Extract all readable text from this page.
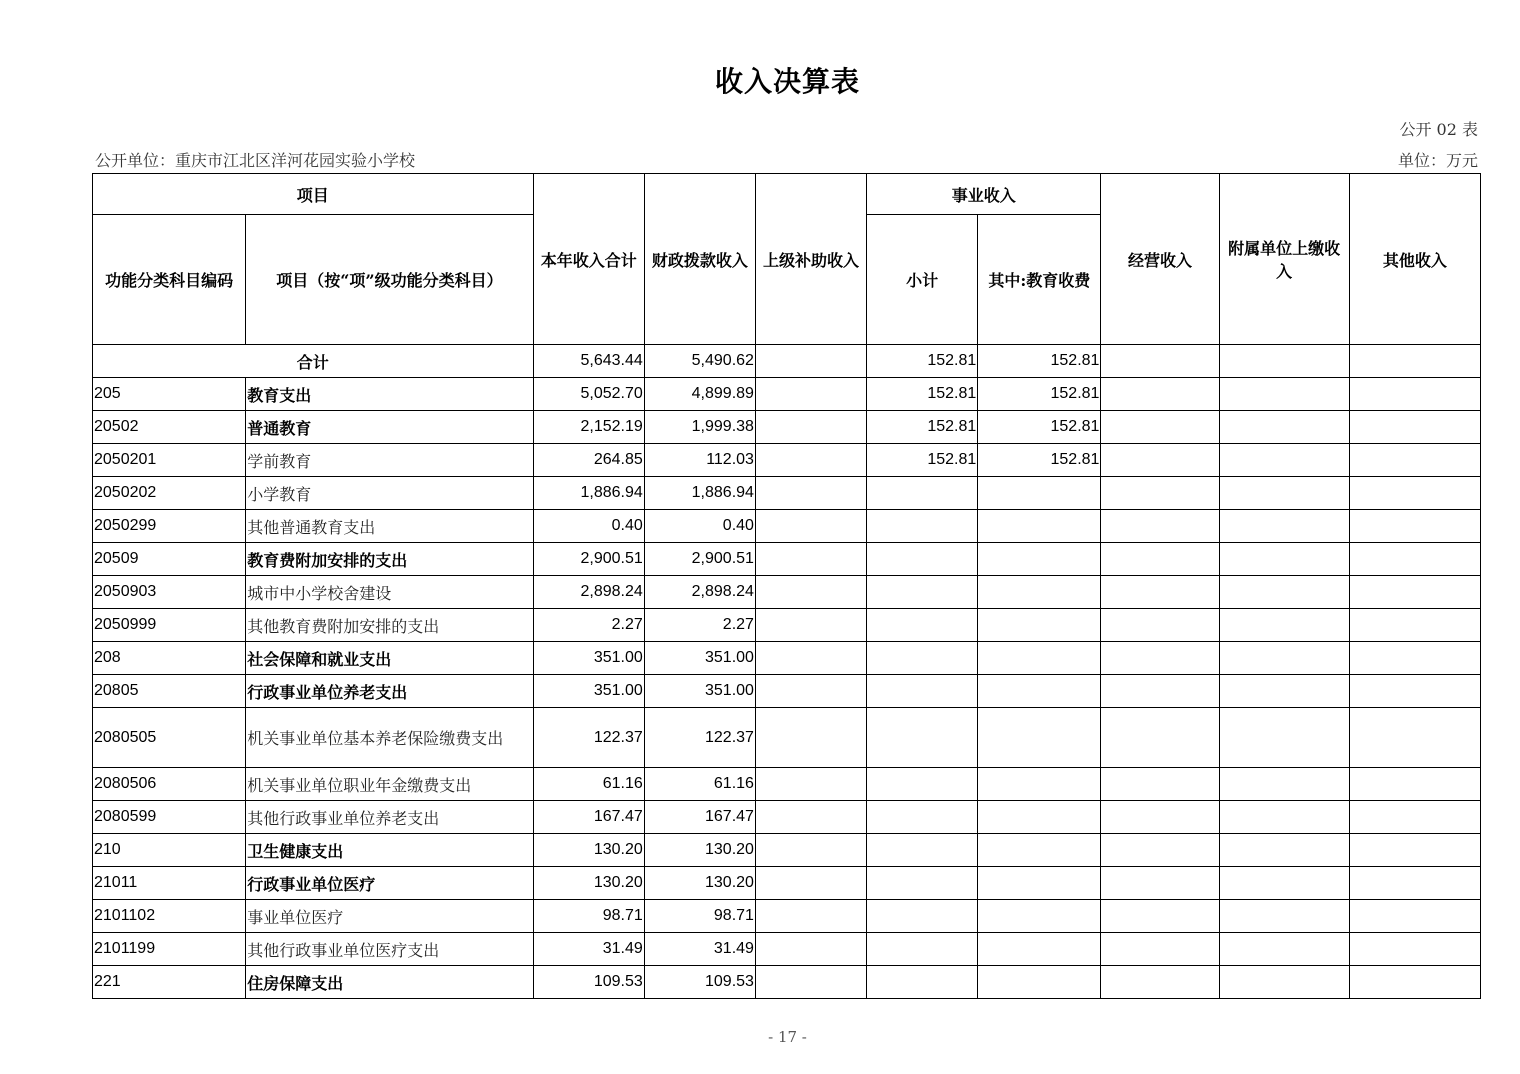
收入决算表
公开 02 表
公开单位：重庆市江北区洋河花园实验小学校	单位：万元
项目		本年收入合计	财政拨款收入	上级补助收入	事业收入		经营收入	附属单位上缴收入	其他收入
功能分类科目编码	项目（按“项”级功能分类科目）				小计	其中:教育收费			
合计		5,643.44	5,490.62		152.81	152.81			
205	教育支出	5,052.70	4,899.89		152.81	152.81			
20502	普通教育	2,152.19	1,999.38		152.81	152.81			
2050201	学前教育	264.85	112.03		152.81	152.81			
2050202	小学教育	1,886.94	1,886.94						
2050299	其他普通教育支出	0.40	0.40						
20509	教育费附加安排的支出	2,900.51	2,900.51						
2050903	城市中小学校舍建设	2,898.24	2,898.24						
2050999	其他教育费附加安排的支出	2.27	2.27						
208	社会保障和就业支出	351.00	351.00						
20805	行政事业单位养老支出	351.00	351.00						
2080505	机关事业单位基本养老保险缴费支出	122.37	122.37						
2080506	机关事业单位职业年金缴费支出	61.16	61.16						
2080599	其他行政事业单位养老支出	167.47	167.47						
210	卫生健康支出	130.20	130.20						
21011	行政事业单位医疗	130.20	130.20						
2101102	事业单位医疗	98.71	98.71						
2101199	其他行政事业单位医疗支出	31.49	31.49						
221	住房保障支出	109.53	109.53						
- 17 -
